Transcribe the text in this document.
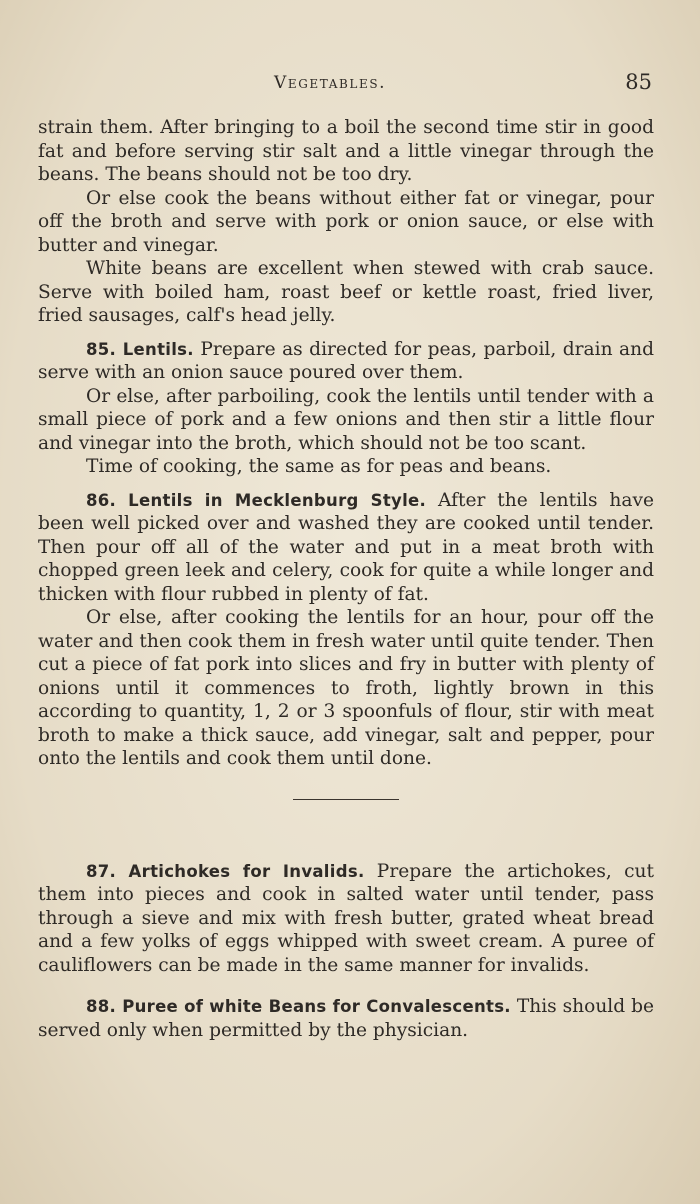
Vegetables.	85

strain them. After bringing to a boil the second time stir in good fat and before serving stir salt and a little vinegar through the beans. The beans should not be too dry.

Or else cook the beans without either fat or vinegar, pour off the broth and serve with pork or onion sauce, or else with butter and vinegar.

White beans are excellent when stewed with crab sauce. Serve with boiled ham, roast beef or kettle roast, fried liver, fried sausages, calf's head jelly.

85. Lentils. Prepare as directed for peas, parboil, drain and serve with an onion sauce poured over them.

Or else, after parboiling, cook the lentils until tender with a small piece of pork and a few onions and then stir a little flour and vinegar into the broth, which should not be too scant.

Time of cooking, the same as for peas and beans.

86. Lentils in Mecklenburg Style. After the lentils have been well picked over and washed they are cooked until tender. Then pour off all of the water and put in a meat broth with chopped green leek and celery, cook for quite a while longer and thicken with flour rubbed in plenty of fat.

Or else, after cooking the lentils for an hour, pour off the water and then cook them in fresh water until quite tender. Then cut a piece of fat pork into slices and fry in butter with plenty of onions until it commences to froth, lightly brown in this according to quantity, 1, 2 or 3 spoonfuls of flour, stir with meat broth to make a thick sauce, add vinegar, salt and pepper, pour onto the lentils and cook them until done.

87. Artichokes for Invalids. Prepare the artichokes, cut them into pieces and cook in salted water until tender, pass through a sieve and mix with fresh butter, grated wheat bread and a few yolks of eggs whipped with sweet cream. A puree of cauliflowers can be made in the same manner for invalids.

88. Puree of white Beans for Convalescents. This should be served only when permitted by the physician.
